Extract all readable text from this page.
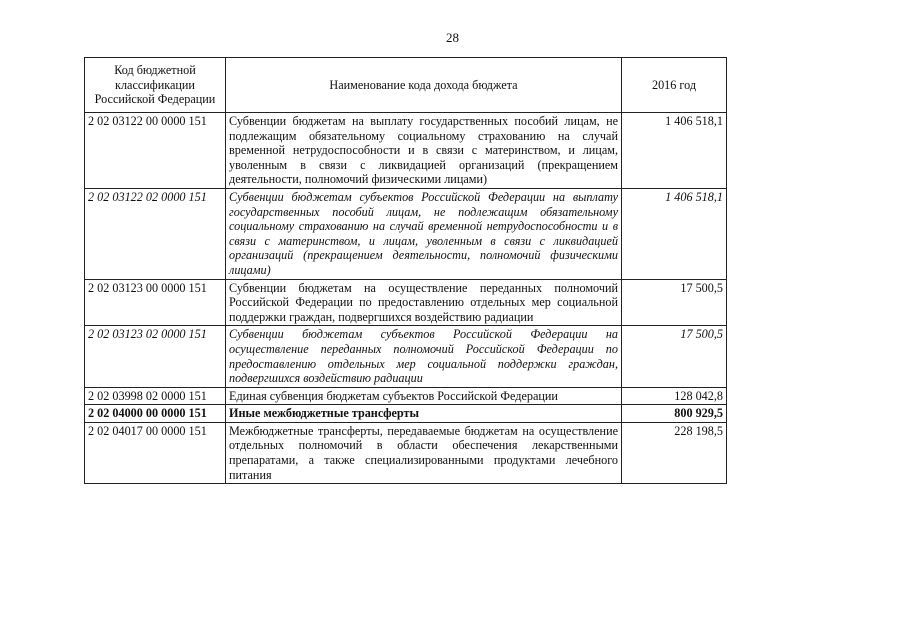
28
Код бюджетной классификации Российской Федерации	Наименование кода дохода бюджета	2016 год
2 02 03122 00 0000 151	Субвенции бюджетам на выплату государственных пособий лицам, не подлежащим обязательному социальному страхованию на случай временной нетрудоспособности и в связи с материнством, и лицам, уволенным в связи с ликвидацией организаций (прекращением деятельности, полномочий физическими лицами)	1 406 518,1
2 02 03122 02 0000 151	Субвенции бюджетам субъектов Российской Федерации на выплату государственных пособий лицам, не подлежащим обязательному социальному страхованию на случай временной нетрудоспособности и в связи с материнством, и лицам, уволенным в связи с ликвидацией организаций (прекращением деятельности, полномочий физическими лицами)	1 406 518,1
2 02 03123 00 0000 151	Субвенции бюджетам на осуществление переданных полномочий Российской Федерации по предоставлению отдельных мер социальной поддержки граждан, подвергшихся воздействию радиации	17 500,5
2 02 03123 02 0000 151	Субвенции бюджетам субъектов Российской Федерации на осуществление переданных полномочий Российской Федерации по предоставлению отдельных мер социальной поддержки граждан, подвергшихся воздействию радиации	17 500,5
2 02 03998 02 0000 151	Единая субвенция бюджетам субъектов Российской Федерации	128 042,8
2 02 04000 00 0000 151	Иные межбюджетные трансферты	800 929,5
2 02 04017 00 0000 151	Межбюджетные трансферты, передаваемые бюджетам на осуществление отдельных полномочий в области обеспечения лекарственными препаратами, а также специализированными продуктами лечебного питания	228 198,5
